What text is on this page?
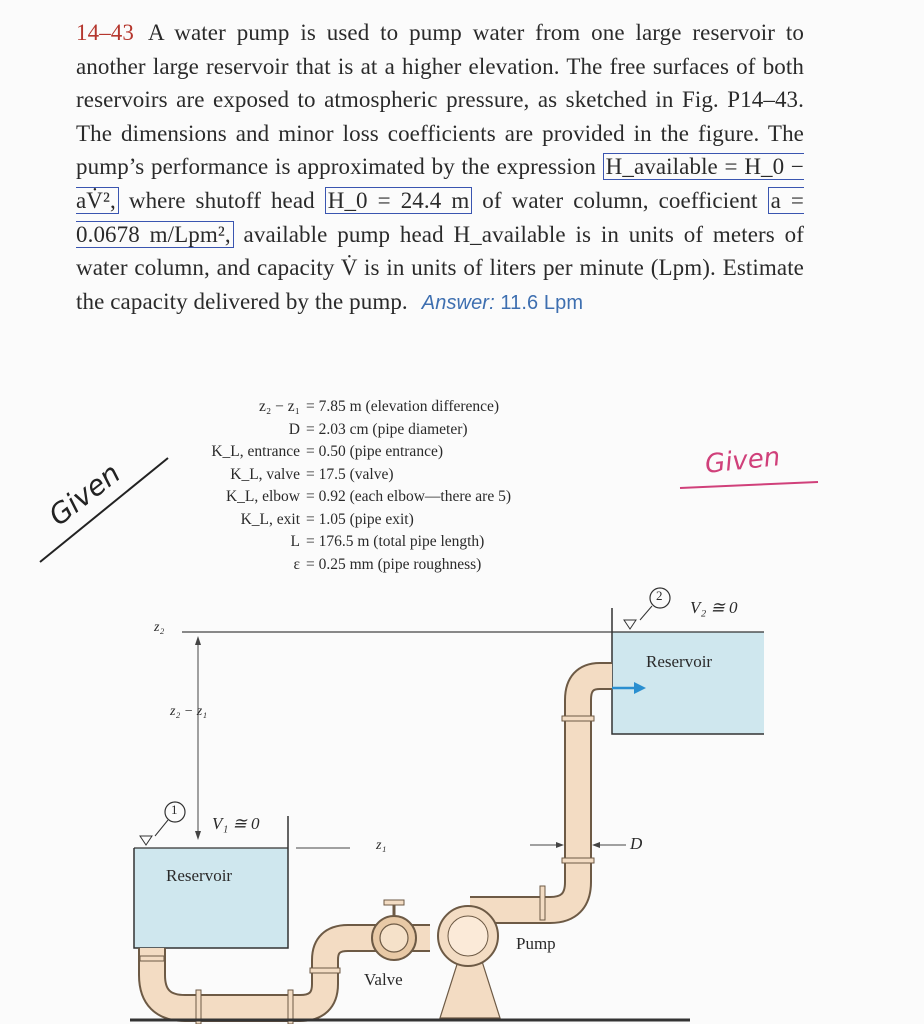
14–43 A water pump is used to pump water from one large reservoir to another large reservoir that is at a higher elevation. The free surfaces of both reservoirs are exposed to atmospheric pressure, as sketched in Fig. P14–43. The dimensions and minor loss coefficients are provided in the figure. The pump’s performance is approximated by the expression H_available = H_0 − aV̇², where shutoff head H_0 = 24.4 m of water column, coefficient a = 0.0678 m/Lpm², available pump head H_available is in units of meters of water column, and capacity V̇ is in units of liters per minute (Lpm). Estimate the capacity delivered by the pump. Answer: 11.6 Lpm
z₂ − z₁ = 7.85 m (elevation difference)
D = 2.03 cm (pipe diameter)
K_L, entrance = 0.50 (pipe entrance)
K_L, valve = 17.5 (valve)
K_L, elbow = 0.92 (each elbow—there are 5)
K_L, exit = 1.05 (pipe exit)
L = 176.5 m (total pipe length)
ε = 0.25 mm (pipe roughness)
Given	Given
z₂
z₂ − z₁
z₁
1
2
V₁ ≅ 0
V₂ ≅ 0
Reservoir
Reservoir
Valve
Pump
D
